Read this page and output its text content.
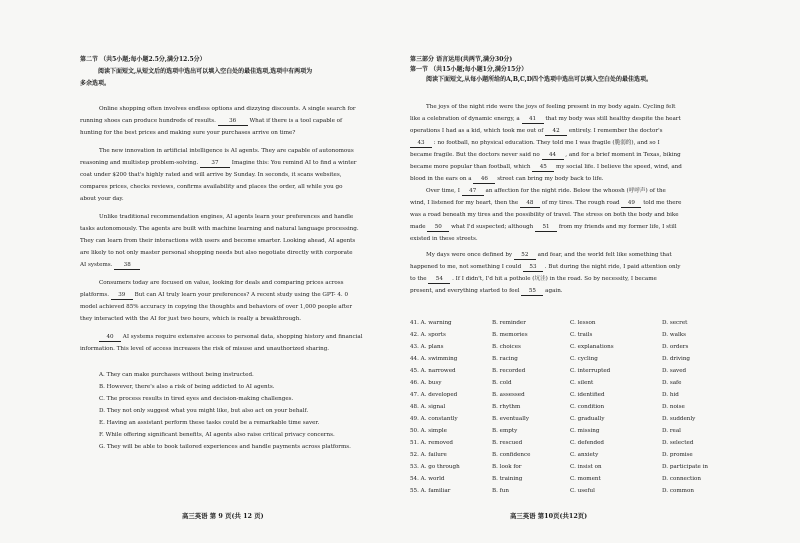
第二节 （共5小题;每小题2.5分,满分12.5分）
阅读下面短文,从短文后的选项中选出可以填入空白处的最佳选项,选项中有两项为
多余选项。
Online shopping often involves endless options and dizzying discounts. A single search for
running shoes can produce hundreds of results. 36 What if there is a tool capable of
hunting for the best prices and making sure your purchases arrive on time?
The new innovation in artificial intelligence is AI agents. They are capable of autonomous
reasoning and multistep problem-solving. 37 Imagine this: You remind AI to find a winter
coat under $200 that's highly rated and will arrive by Sunday. In seconds, it scans websites,
compares prices, checks reviews, confirms availability and places the order, all while you go
about your day.
Unlike traditional recommendation engines, AI agents learn your preferences and handle
tasks autonomously. The agents are built with machine learning and natural language processing.
They can learn from their interactions with users and become smarter. Looking ahead, AI agents
are likely to not only master personal shopping needs but also negotiate directly with corporate
AI systems. 38
Consumers today are focused on value, looking for deals and comparing prices across
platforms. 39 But can AI truly learn your preferences? A recent study using the GPT- 4. 0
model achieved 85% accuracy in copying the thoughts and behaviors of over 1,000 people after
they interacted with the AI for just two hours, which is really a breakthrough.
40 AI systems require extensive access to personal data, shopping history and financial
information. This level of access increases the risk of misuse and unauthorized sharing.
A. They can make purchases without being instructed.
B. However, there's also a risk of being addicted to AI agents.
C. The process results in tired eyes and decision-making challenges.
D. They not only suggest what you might like, but also act on your behalf.
E. Having an assistant perform these tasks could be a remarkable time saver.
F. While offering significant benefits, AI agents also raise critical privacy concerns.
G. They will be able to book tailored experiences and handle payments across platforms.
高三英语 第 9 页(共 12 页)
第三部分 语言运用(共两节,满分30分)
第一节 （共15小题;每小题1分,满分15分）
阅读下面短文,从每小题所给的A,B,C,D四个选项中选出可以填入空白处的最佳选项。
The joys of the night ride were the joys of feeling present in my body again. Cycling felt
like a celebration of dynamic energy, a 41 that my body was still healthy despite the heart
operations I had as a kid, which took me out of 42 entirely. I remember the doctor's
43 : no football, no physical education. They told me I was fragile (脆弱的), and so I
became fragile. But the doctors never said no 44 , and for a brief moment in Texas, biking
became more popular than football, which 45 my social life. I believe the speed, wind, and
blood in the ears on a 46 street can bring my body back to life.
Over time, I 47 an affection for the night ride. Below the whoosh (呼呼声) of the
wind, I listened for my heart, then the 48 of my tires. The rough road 49 told me there
was a road beneath my tires and the possibility of travel. The stress on both the body and bike
made 50 what I'd suspected; although 51 from my friends and my former life, I still
existed in these streets.
My days were once defined by 52 and fear, and the world felt like something that
happened to me, not something I could 53 . But during the night ride, I paid attention only
to the 54 . If I didn't, I'd hit a pothole (坑洼) in the road. So by necessity, I became
present, and everything started to feel 55 again.
41. A. warning	B. reminder	C. lesson	D. secret
42. A. sports	B. memories	C. trails	D. walks
43. A. plans	B. choices	C. explanations	D. orders
44. A. swimming	B. racing	C. cycling	D. driving
45. A. narrowed	B. recorded	C. interrupted	D. saved
46. A. busy	B. cold	C. silent	D. safe
47. A. developed	B. assessed	C. identified	D. hid
48. A. signal	B. rhythm	C. condition	D. noise
49. A. constantly	B. eventually	C. gradually	D. suddenly
50. A. simple	B. empty	C. missing	D. real
51. A. removed	B. rescued	C. defended	D. selected
52. A. failure	B. confidence	C. anxiety	D. promise
53. A. go through	B. look for	C. insist on	D. participate in
54. A. world	B. training	C. moment	D. connection
55. A. familiar	B. fun	C. useful	D. common
高三英语 第10页(共12页)
